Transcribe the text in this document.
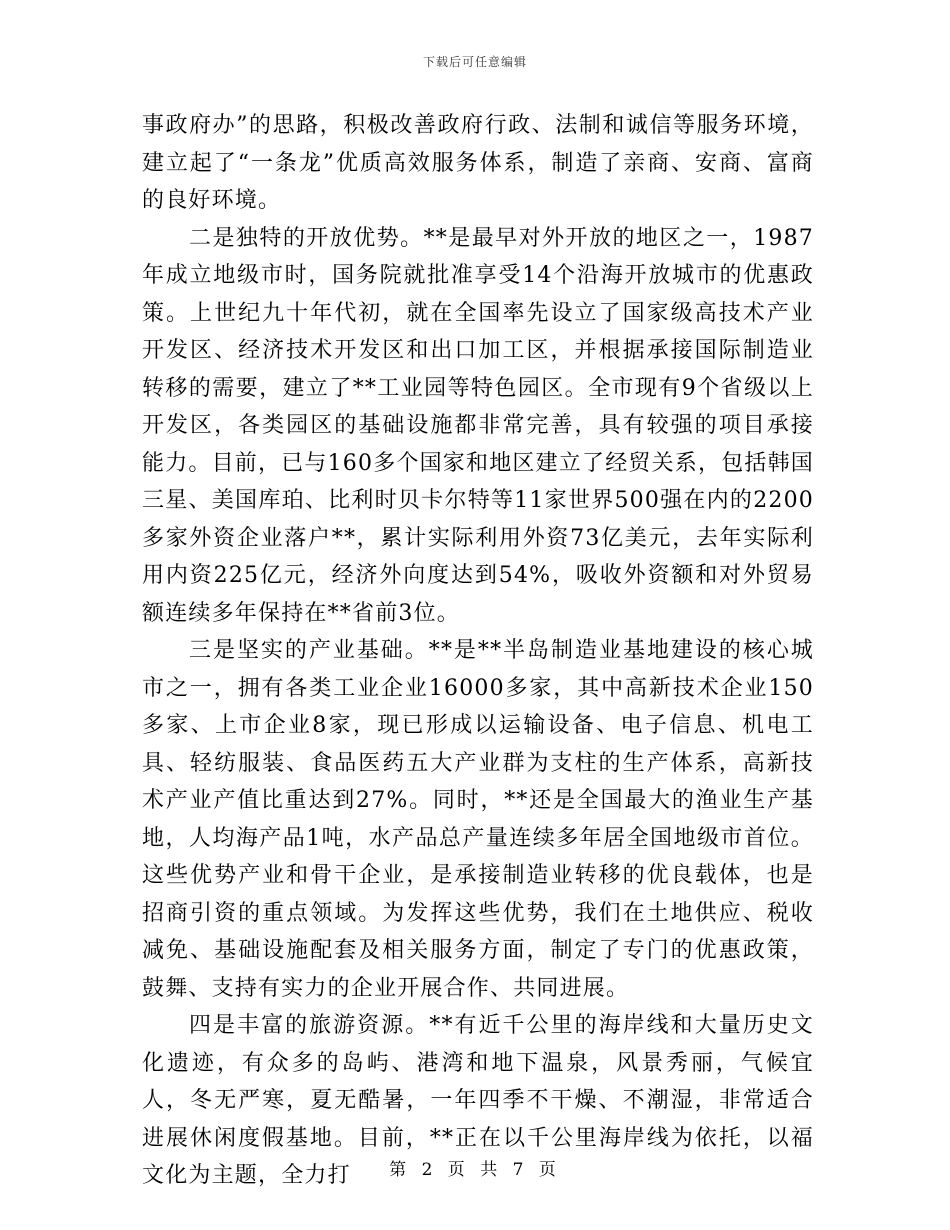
下载后可任意编辑

事政府办”的思路，积极改善政府行政、法制和诚信等服务环境，建立起了“一条龙”优质高效服务体系，制造了亲商、安商、富商的良好环境。

二是独特的开放优势。**是最早对外开放的地区之一，1987年成立地级市时，国务院就批准享受14个沿海开放城市的优惠政策。上世纪九十年代初，就在全国率先设立了国家级高技术产业开发区、经济技术开发区和出口加工区，并根据承接国际制造业转移的需要，建立了**工业园等特色园区。全市现有9个省级以上开发区，各类园区的基础设施都非常完善，具有较强的项目承接能力。目前，已与160多个国家和地区建立了经贸关系，包括韩国三星、美国库珀、比利时贝卡尔特等11家世界500强在内的2200多家外资企业落户**，累计实际利用外资73亿美元，去年实际利用内资225亿元，经济外向度达到54%，吸收外资额和对外贸易额连续多年保持在**省前3位。

三是坚实的产业基础。**是**半岛制造业基地建设的核心城市之一，拥有各类工业企业16000多家，其中高新技术企业150多家、上市企业8家，现已形成以运输设备、电子信息、机电工具、轻纺服装、食品医药五大产业群为支柱的生产体系，高新技术产业产值比重达到27%。同时，**还是全国最大的渔业生产基地，人均海产品1吨，水产品总产量连续多年居全国地级市首位。这些优势产业和骨干企业，是承接制造业转移的优良载体，也是招商引资的重点领域。为发挥这些优势，我们在土地供应、税收减免、基础设施配套及相关服务方面，制定了专门的优惠政策，鼓舞、支持有实力的企业开展合作、共同进展。

四是丰富的旅游资源。**有近千公里的海岸线和大量历史文化遗迹，有众多的岛屿、港湾和地下温泉，风景秀丽，气候宜人，冬无严寒，夏无酷暑，一年四季不干燥、不潮湿，非常适合进展休闲度假基地。目前，**正在以千公里海岸线为依托，以福文化为主题，全力打	第 2 页 共 7 页
